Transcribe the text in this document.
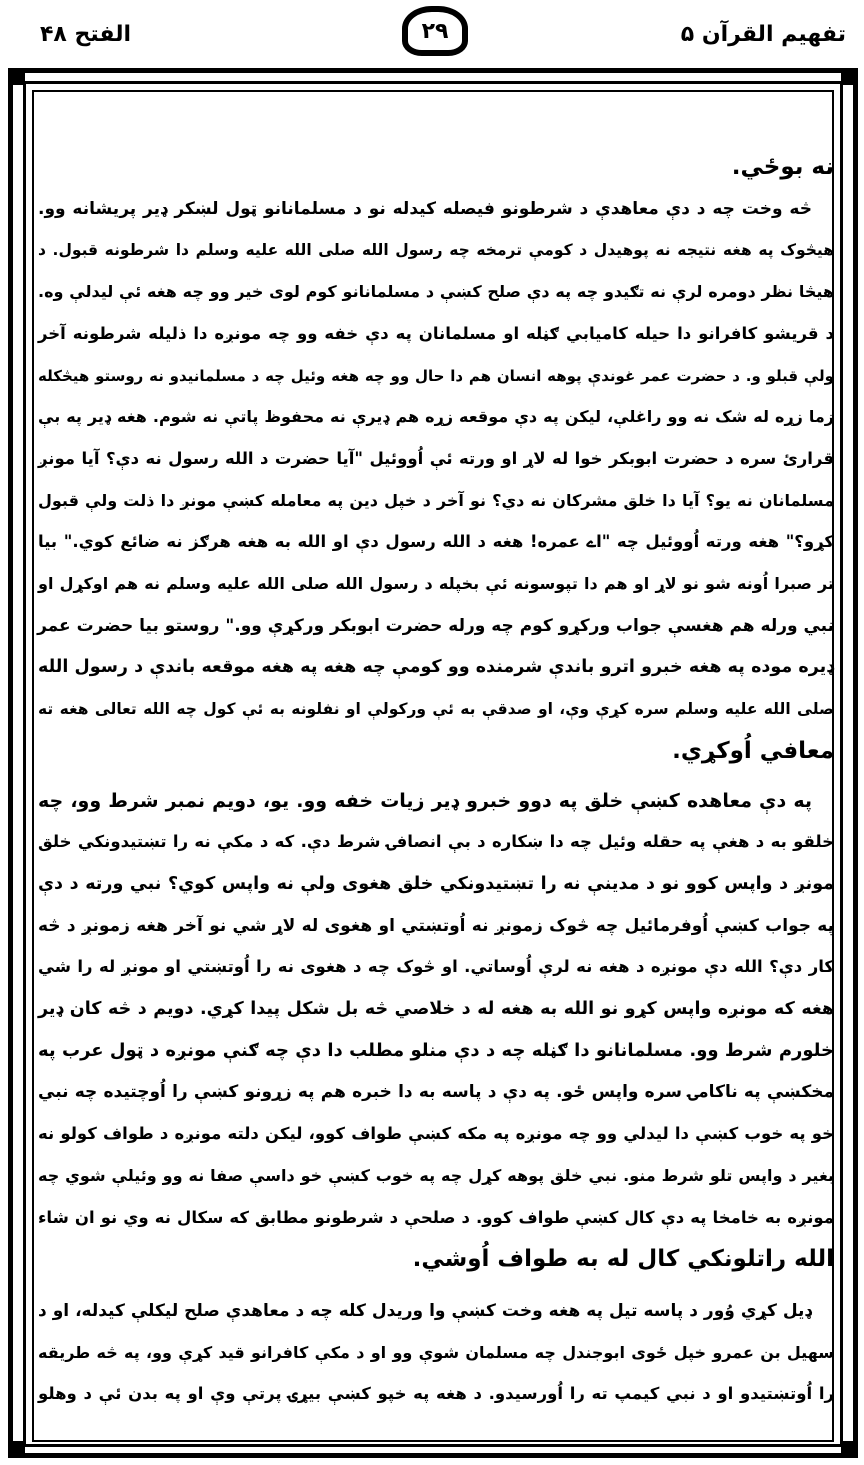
تفهیم القرآن ۵
۲۹
الفتح ۴۸
نه بوځي.
څه وخت چه د دې معاهدې د شرطونو فیصله کیدله نو د مسلمانانو ټول لښکر ډیر پریشانه وو.
هیڅوک په هغه نتیجه نه پوهیدل د کومې ترمخه چه رسول الله صلی الله علیه وسلم دا شرطونه قبول. د
هیڅا نظر دومره لرې نه تګیدو چه په دې صلح کښې د مسلمانانو کوم لوی خیر وو چه هغه ئې لیدلې وه.
د قریشو کافرانو دا حیله کامیابي ګڼله او مسلمانان په دې خفه وو چه مونږه دا ذلیله شرطونه آخر
ولې قبلو و. د حضرت عمر غوندې پوهه انسان هم دا حال وو چه هغه وئیل چه د مسلمانیدو نه روستو هیڅکله
زما زړه له شک نه وو راغلې، لیکن په دې موقعه زړه هم ډیرې نه محفوظ پاتې نه شوم. هغه ډیر په بې
قرارئ سره د حضرت ابوبکر خوا له لاړ او ورته ئې اُووئیل "آیا حضرت د الله رسول نه دې؟ آیا مونږ
مسلمانان نه یو؟ آیا دا خلق مشرکان نه دي؟ نو آخر د خپل دین په معامله کښې مونږ دا ذلت ولې قبول
کړو؟" هغه ورته اُووئیل چه "اے عمره! هغه د الله رسول دې او الله به هغه هرګز نه ضائع کوي." بیا
تر صبرا اُونه شو نو لاړ او هم دا تپوسونه ئې بخپله د رسول الله صلی الله علیه وسلم نه هم اوکړل او
نبي ورله هم هغسې جواب ورکړو کوم چه ورله حضرت ابوبکر ورکړې وو." روستو بیا حضرت عمر
ډیره موده په هغه خبرو اترو باندې شرمنده وو کومې چه هغه په هغه موقعه باندې د رسول الله
صلی الله علیه وسلم سره کړې وې، او صدقې به ئې ورکولې او نفلونه به ئې کول چه الله تعالی هغه ته
معافي اُوکړي.
په دې معاهده کښې خلق په دوو خبرو ډیر زیات خفه وو. یو، دویم نمبر شرط وو، چه
خلقو به د هغې په حقله وئیل چه دا ښکاره د بې انصافۍ شرط دې. که د مکې نه را تښتیدونکي خلق
مونږ د واپس کوو نو د مدینې نه را تښتیدونکي خلق هغوی ولې نه واپس کوي؟ نبي ورته د دې
په جواب کښې اُوفرمائیل چه څوک زمونږ نه اُوتښتي او هغوی له لاړ شي نو آخر هغه زمونږ د څه
کار دې؟ الله دې مونږه د هغه نه لرې اُوساتي. او څوک چه د هغوی نه را اُوتښتي او مونږ له را شي
هغه که مونږه واپس کړو نو الله به هغه له د خلاصي څه بل شکل پیدا کړي. دویم د څه کان ډیر
خلورم شرط وو. مسلمانانو دا ګڼله چه د دې منلو مطلب دا دې چه ګنې مونږه د ټول عرب په
مخکښې په ناکامۍ سره واپس ځو. په دې د پاسه به دا خبره هم په زړونو کښې را اُوچتیده چه نبي
خو په خوب کښې دا لیدلي وو چه مونږه په مکه کښې طواف کوو، لیکن دلته مونږه د طواف کولو نه
بغیر د واپس تلو شرط منو. نبي خلق پوهه کړل چه په خوب کښې خو داسې صفا نه وو وئیلې شوي چه
مونږه به خامخا په دې کال کښې طواف کوو. د صلحې د شرطونو مطابق که سکال نه وي نو ان شاء
الله راتلونکي کال له به طواف اُوشي.
ډیل کړي وُور د پاسه تیل په هغه وخت کښې وا وریدل کله چه د معاهدې صلح لیکلې کیدله، او د
سهیل بن عمرو خپل ځوی ابوجندل چه مسلمان شوې وو او د مکې کافرانو قید کړې وو، په څه طریقه
را اُوتښتیدو او د نبي کیمپ ته را اُورسیدو. د هغه په خپو کښې بیړۍ پرتې وې او په بدن ئې د وهلو
